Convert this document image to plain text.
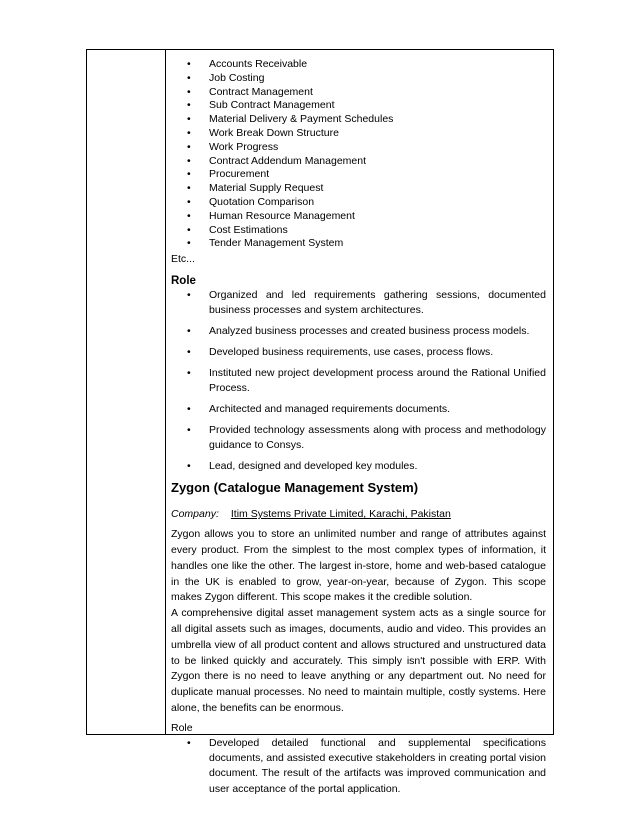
• Accounts Receivable
• Job Costing
• Contract Management
• Sub Contract Management
• Material Delivery & Payment Schedules
• Work Break Down Structure
• Work Progress
• Contract Addendum Management
• Procurement
• Material Supply Request
• Quotation Comparison
• Human Resource Management
• Cost Estimations
• Tender Management System
Etc...
Role
• Organized and led requirements gathering sessions, documented business processes and system architectures.
• Analyzed business processes and created business process models.
• Developed business requirements, use cases, process flows.
• Instituted new project development process around the Rational Unified Process.
• Architected and managed requirements documents.
• Provided technology assessments along with process and methodology guidance to Consys.
• Lead, designed and developed key modules.
Zygon (Catalogue Management System)
Company: Itim Systems Private Limited, Karachi, Pakistan
Zygon allows you to store an unlimited number and range of attributes against every product. From the simplest to the most complex types of information, it handles one like the other. The largest in-store, home and web-based catalogue in the UK is enabled to grow, year-on-year, because of Zygon. This scope makes Zygon different. This scope makes it the credible solution.
A comprehensive digital asset management system acts as a single source for all digital assets such as images, documents, audio and video. This provides an umbrella view of all product content and allows structured and unstructured data to be linked quickly and accurately. This simply isn't possible with ERP. With Zygon there is no need to leave anything or any department out. No need for duplicate manual processes. No need to maintain multiple, costly systems. Here alone, the benefits can be enormous.
Role
• Developed detailed functional and supplemental specifications documents, and assisted executive stakeholders in creating portal vision document. The result of the artifacts was improved communication and user acceptance of the portal application.
